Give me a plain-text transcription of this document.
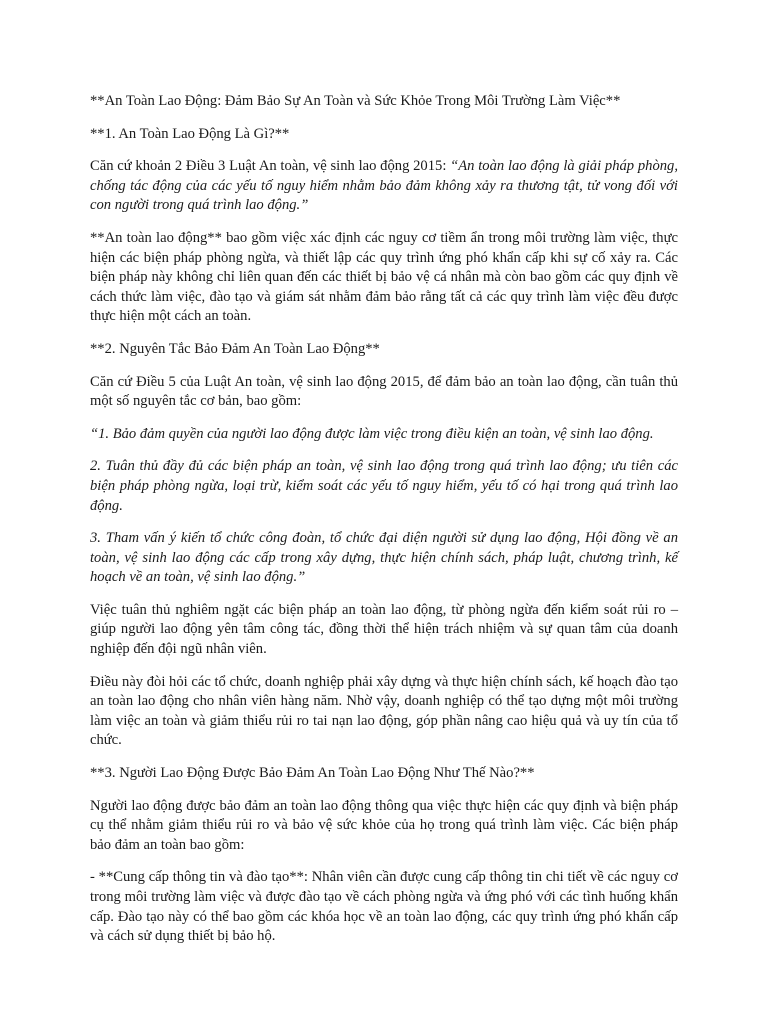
**An Toàn Lao Động: Đảm Bảo Sự An Toàn và Sức Khỏe Trong Môi Trường Làm Việc**

**1. An Toàn Lao Động Là Gì?**

Căn cứ khoản 2 Điều 3 Luật An toàn, vệ sinh lao động 2015: “An toàn lao động là giải pháp phòng, chống tác động của các yếu tố nguy hiểm nhằm bảo đảm không xảy ra thương tật, tử vong đối với con người trong quá trình lao động.”

**An toàn lao động** bao gồm việc xác định các nguy cơ tiềm ẩn trong môi trường làm việc, thực hiện các biện pháp phòng ngừa, và thiết lập các quy trình ứng phó khẩn cấp khi sự cố xảy ra. Các biện pháp này không chỉ liên quan đến các thiết bị bảo vệ cá nhân mà còn bao gồm các quy định về cách thức làm việc, đào tạo và giám sát nhằm đảm bảo rằng tất cả các quy trình làm việc đều được thực hiện một cách an toàn.

**2. Nguyên Tắc Bảo Đảm An Toàn Lao Động**

Căn cứ Điều 5 của Luật An toàn, vệ sinh lao động 2015, để đảm bảo an toàn lao động, cần tuân thủ một số nguyên tắc cơ bản, bao gồm:

“1. Bảo đảm quyền của người lao động được làm việc trong điều kiện an toàn, vệ sinh lao động.

2. Tuân thủ đầy đủ các biện pháp an toàn, vệ sinh lao động trong quá trình lao động; ưu tiên các biện pháp phòng ngừa, loại trừ, kiểm soát các yếu tố nguy hiểm, yếu tố có hại trong quá trình lao động.

3. Tham vấn ý kiến tổ chức công đoàn, tổ chức đại diện người sử dụng lao động, Hội đồng về an toàn, vệ sinh lao động các cấp trong xây dựng, thực hiện chính sách, pháp luật, chương trình, kế hoạch về an toàn, vệ sinh lao động.”

Việc tuân thủ nghiêm ngặt các biện pháp an toàn lao động, từ phòng ngừa đến kiểm soát rủi ro – giúp người lao động yên tâm công tác, đồng thời thể hiện trách nhiệm và sự quan tâm của doanh nghiệp đến đội ngũ nhân viên.

Điều này đòi hỏi các tổ chức, doanh nghiệp phải xây dựng và thực hiện chính sách, kế hoạch đào tạo an toàn lao động cho nhân viên hàng năm. Nhờ vậy, doanh nghiệp có thể tạo dựng một môi trường làm việc an toàn và giảm thiểu rủi ro tai nạn lao động, góp phần nâng cao hiệu quả và uy tín của tổ chức.

**3. Người Lao Động Được Bảo Đảm An Toàn Lao Động Như Thế Nào?**

Người lao động được bảo đảm an toàn lao động thông qua việc thực hiện các quy định và biện pháp cụ thể nhằm giảm thiểu rủi ro và bảo vệ sức khỏe của họ trong quá trình làm việc. Các biện pháp bảo đảm an toàn bao gồm:

- **Cung cấp thông tin và đào tạo**: Nhân viên cần được cung cấp thông tin chi tiết về các nguy cơ trong môi trường làm việc và được đào tạo về cách phòng ngừa và ứng phó với các tình huống khẩn cấp. Đào tạo này có thể bao gồm các khóa học về an toàn lao động, các quy trình ứng phó khẩn cấp và cách sử dụng thiết bị bảo hộ.
